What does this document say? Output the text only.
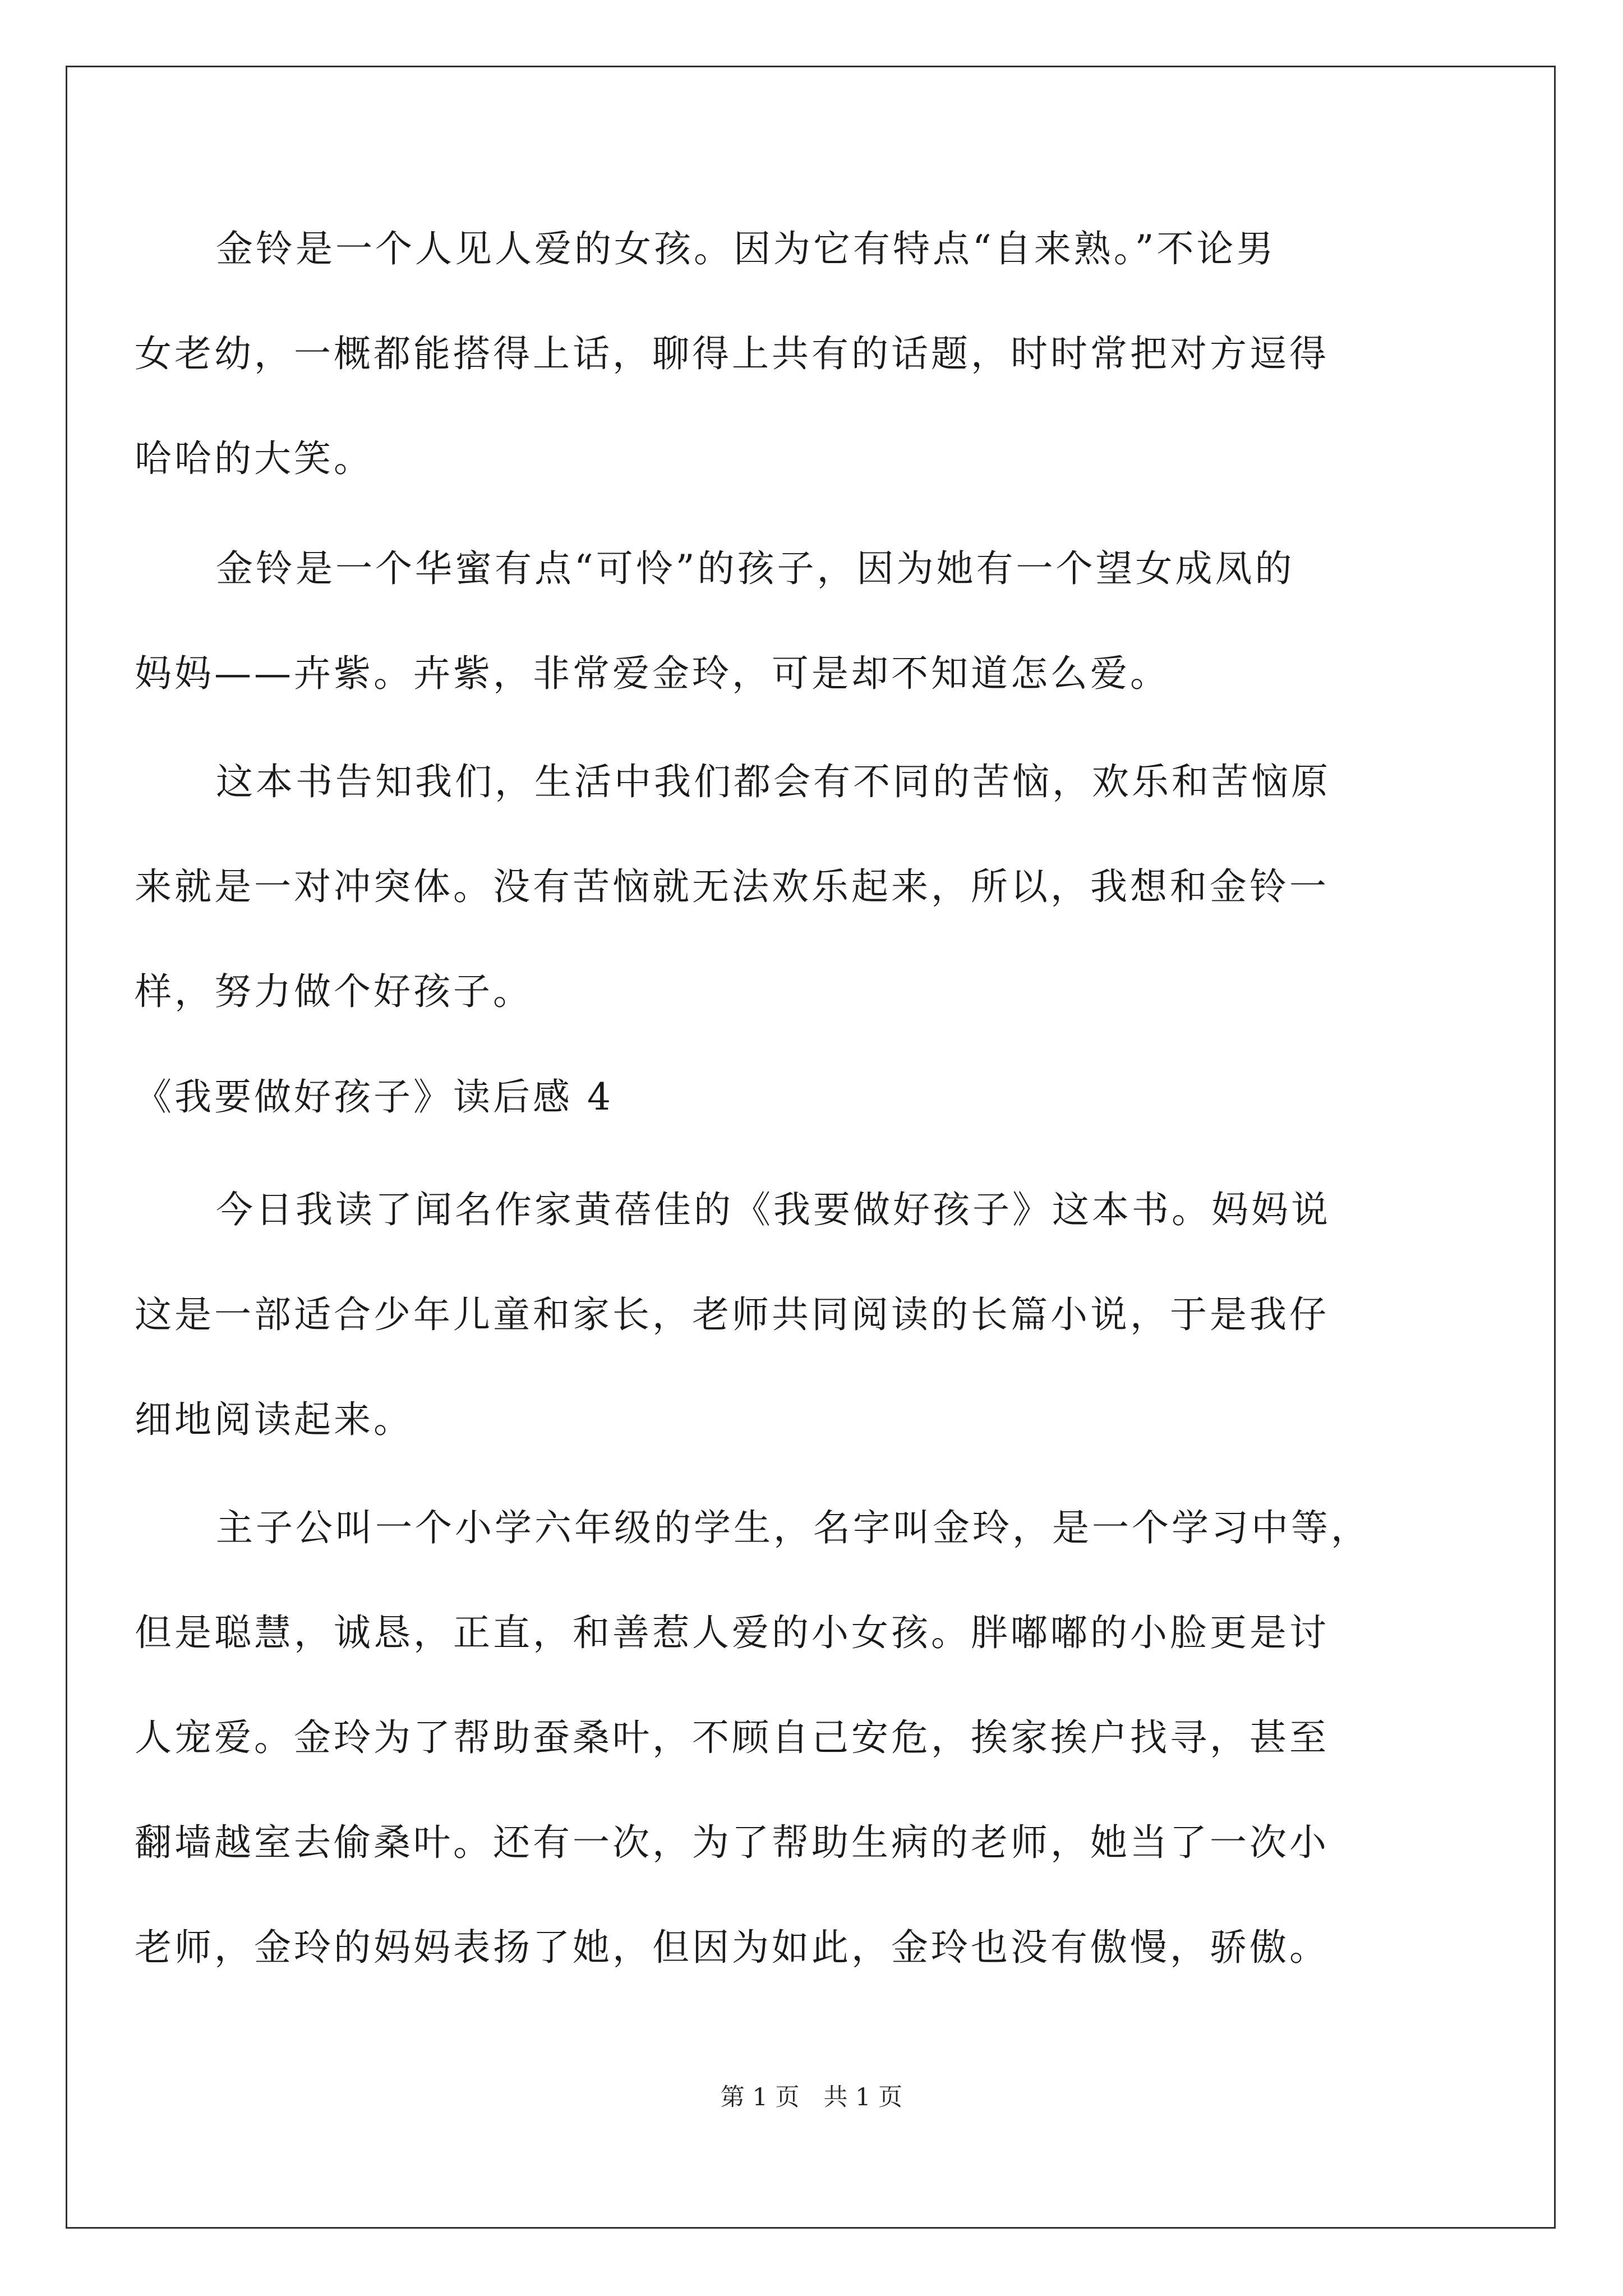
金铃是一个人见人爱的女孩。因为它有特点“自来熟。”不论男
女老幼，一概都能搭得上话，聊得上共有的话题，时时常把对方逗得
哈哈的大笑。

金铃是一个华蜜有点“可怜”的孩子，因为她有一个望女成凤的
妈妈——卉紫。卉紫，非常爱金玲，可是却不知道怎么爱。

这本书告知我们，生活中我们都会有不同的苦恼，欢乐和苦恼原
来就是一对冲突体。没有苦恼就无法欢乐起来，所以，我想和金铃一
样，努力做个好孩子。

《我要做好孩子》读后感 4

今日我读了闻名作家黄蓓佳的《我要做好孩子》这本书。妈妈说
这是一部适合少年儿童和家长，老师共同阅读的长篇小说，于是我仔
细地阅读起来。

主子公叫一个小学六年级的学生，名字叫金玲，是一个学习中等，
但是聪慧，诚恳，正直，和善惹人爱的小女孩。胖嘟嘟的小脸更是讨
人宠爱。金玲为了帮助蚕桑叶，不顾自己安危，挨家挨户找寻，甚至
翻墙越室去偷桑叶。还有一次，为了帮助生病的老师，她当了一次小
老师，金玲的妈妈表扬了她，但因为如此，金玲也没有傲慢，骄傲。

第 1 页　共 1 页
